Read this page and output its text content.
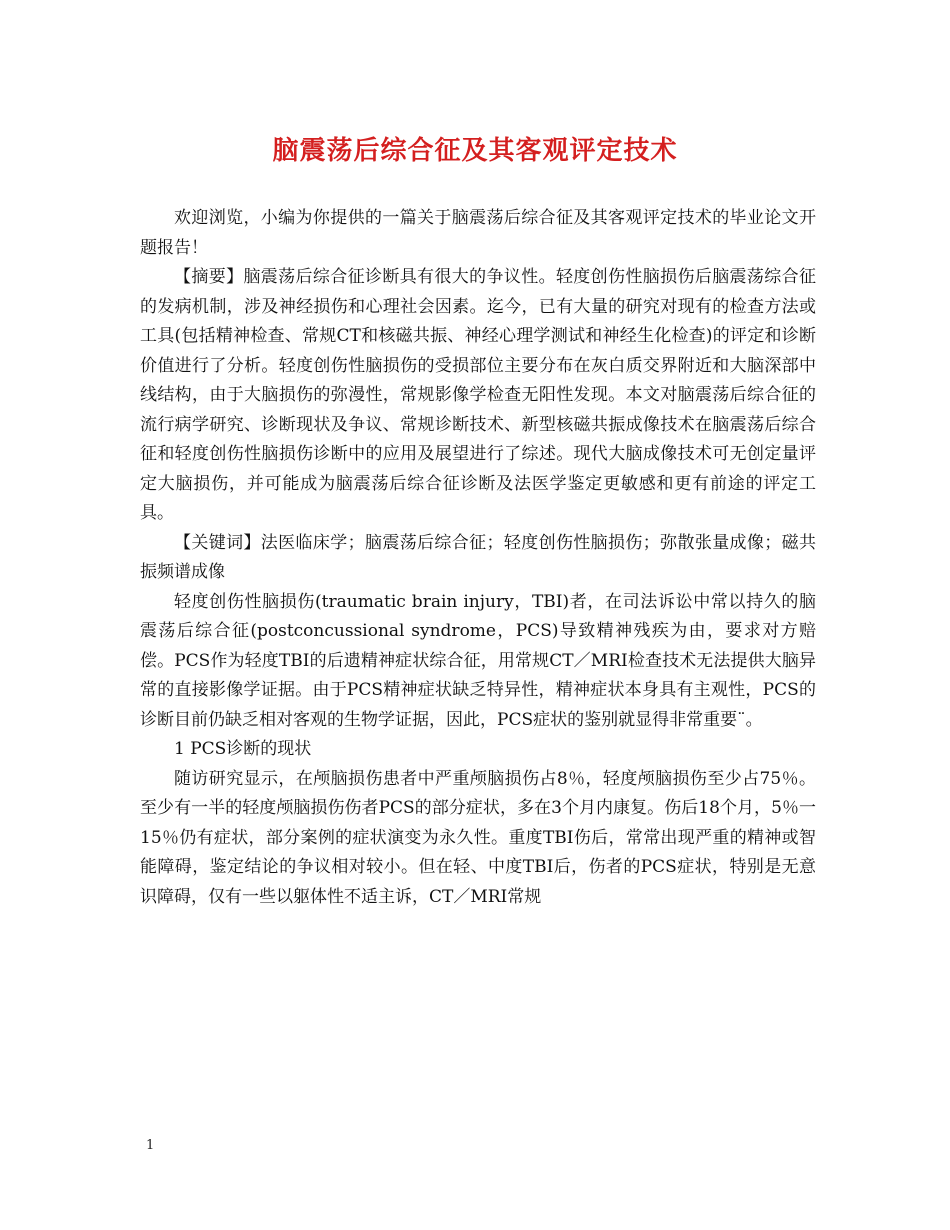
脑震荡后综合征及其客观评定技术

欢迎浏览，小编为你提供的一篇关于脑震荡后综合征及其客观评定技术的毕业论文开题报告！

【摘要】脑震荡后综合征诊断具有很大的争议性。轻度创伤性脑损伤后脑震荡综合征的发病机制，涉及神经损伤和心理社会因素。迄今，已有大量的研究对现有的检查方法或工具(包括精神检查、常规CT和核磁共振、神经心理学测试和神经生化检查)的评定和诊断价值进行了分析。轻度创伤性脑损伤的受损部位主要分布在灰白质交界附近和大脑深部中线结构，由于大脑损伤的弥漫性，常规影像学检查无阳性发现。本文对脑震荡后综合征的流行病学研究、诊断现状及争议、常规诊断技术、新型核磁共振成像技术在脑震荡后综合征和轻度创伤性脑损伤诊断中的应用及展望进行了综述。现代大脑成像技术可无创定量评定大脑损伤，并可能成为脑震荡后综合征诊断及法医学鉴定更敏感和更有前途的评定工具。

【关键词】法医临床学；脑震荡后综合征；轻度创伤性脑损伤；弥散张量成像；磁共振频谱成像

轻度创伤性脑损伤(traumatic brain injury，TBI)者，在司法诉讼中常以持久的脑震荡后综合征(postconcussional syndrome，PCS)导致精神残疾为由，要求对方赔偿。PCS作为轻度TBI的后遗精神症状综合征，用常规CT／MRI检查技术无法提供大脑异常的直接影像学证据。由于PCS精神症状缺乏特异性，精神症状本身具有主观性，PCS的诊断目前仍缺乏相对客观的生物学证据，因此，PCS症状的鉴别就显得非常重要¨。

1 PCS诊断的现状

随访研究显示，在颅脑损伤患者中严重颅脑损伤占8％，轻度颅脑损伤至少占75％。至少有一半的轻度颅脑损伤伤者PCS的部分症状，多在3个月内康复。伤后18个月，5％一15％仍有症状，部分案例的症状演变为永久性。重度TBI伤后，常常出现严重的精神或智能障碍，鉴定结论的争议相对较小。但在轻、中度TBI后，伤者的PCS症状，特别是无意识障碍，仅有一些以躯体性不适主诉，CT／MRI常规

1
